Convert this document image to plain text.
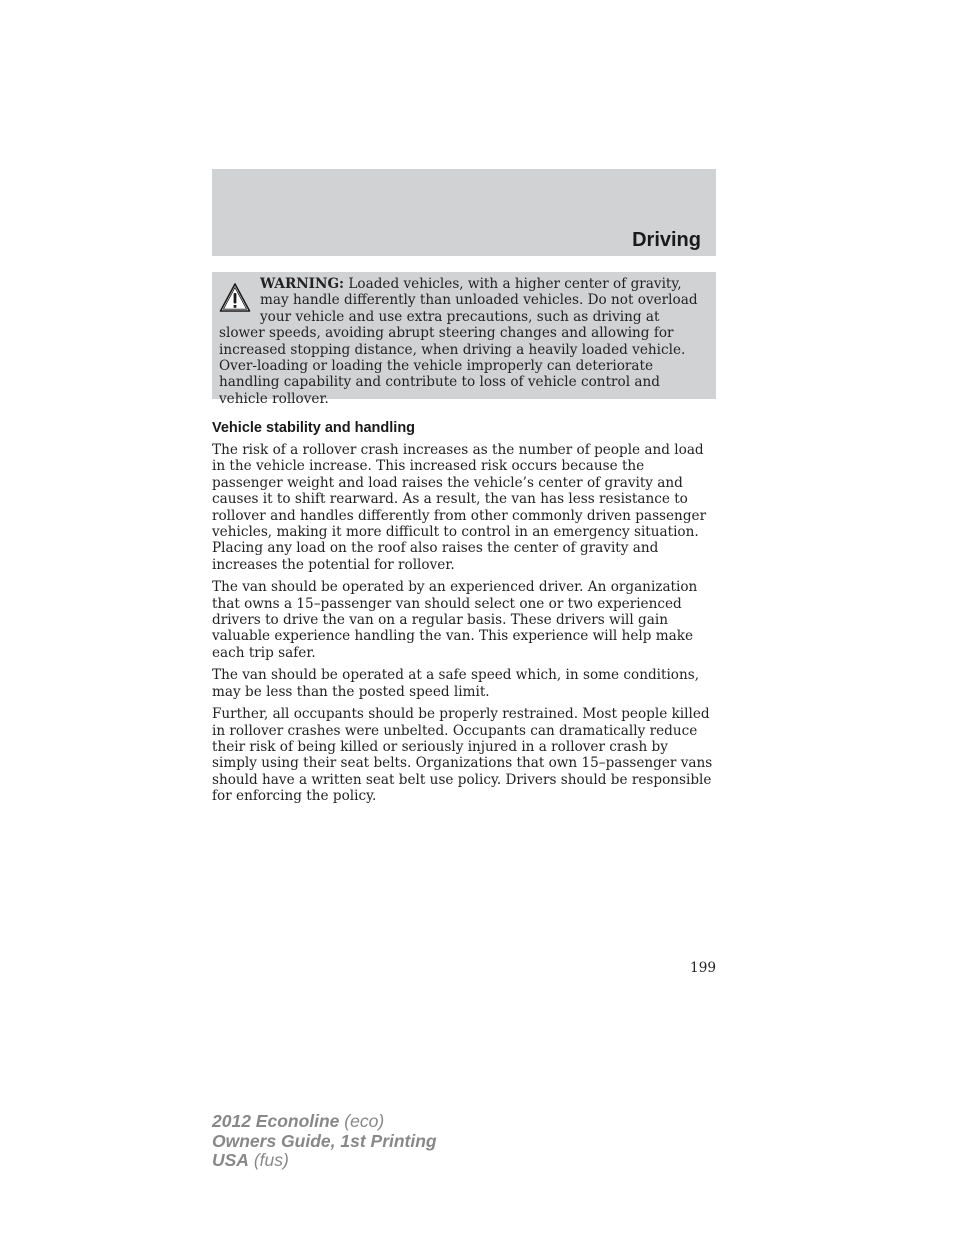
Driving
WARNING: Loaded vehicles, with a higher center of gravity, may handle differently than unloaded vehicles. Do not overload your vehicle and use extra precautions, such as driving at slower speeds, avoiding abrupt steering changes and allowing for increased stopping distance, when driving a heavily loaded vehicle. Over-loading or loading the vehicle improperly can deteriorate handling capability and contribute to loss of vehicle control and vehicle rollover.
Vehicle stability and handling

The risk of a rollover crash increases as the number of people and load in the vehicle increase. This increased risk occurs because the passenger weight and load raises the vehicle’s center of gravity and causes it to shift rearward. As a result, the van has less resistance to rollover and handles differently from other commonly driven passenger vehicles, making it more difficult to control in an emergency situation. Placing any load on the roof also raises the center of gravity and increases the potential for rollover.

The van should be operated by an experienced driver. An organization that owns a 15–passenger van should select one or two experienced drivers to drive the van on a regular basis. These drivers will gain valuable experience handling the van. This experience will help make each trip safer.

The van should be operated at a safe speed which, in some conditions, may be less than the posted speed limit.

Further, all occupants should be properly restrained. Most people killed in rollover crashes were unbelted. Occupants can dramatically reduce their risk of being killed or seriously injured in a rollover crash by simply using their seat belts. Organizations that own 15–passenger vans should have a written seat belt use policy. Drivers should be responsible for enforcing the policy.

199
2012 Econoline (eco)
Owners Guide, 1st Printing
USA (fus)
